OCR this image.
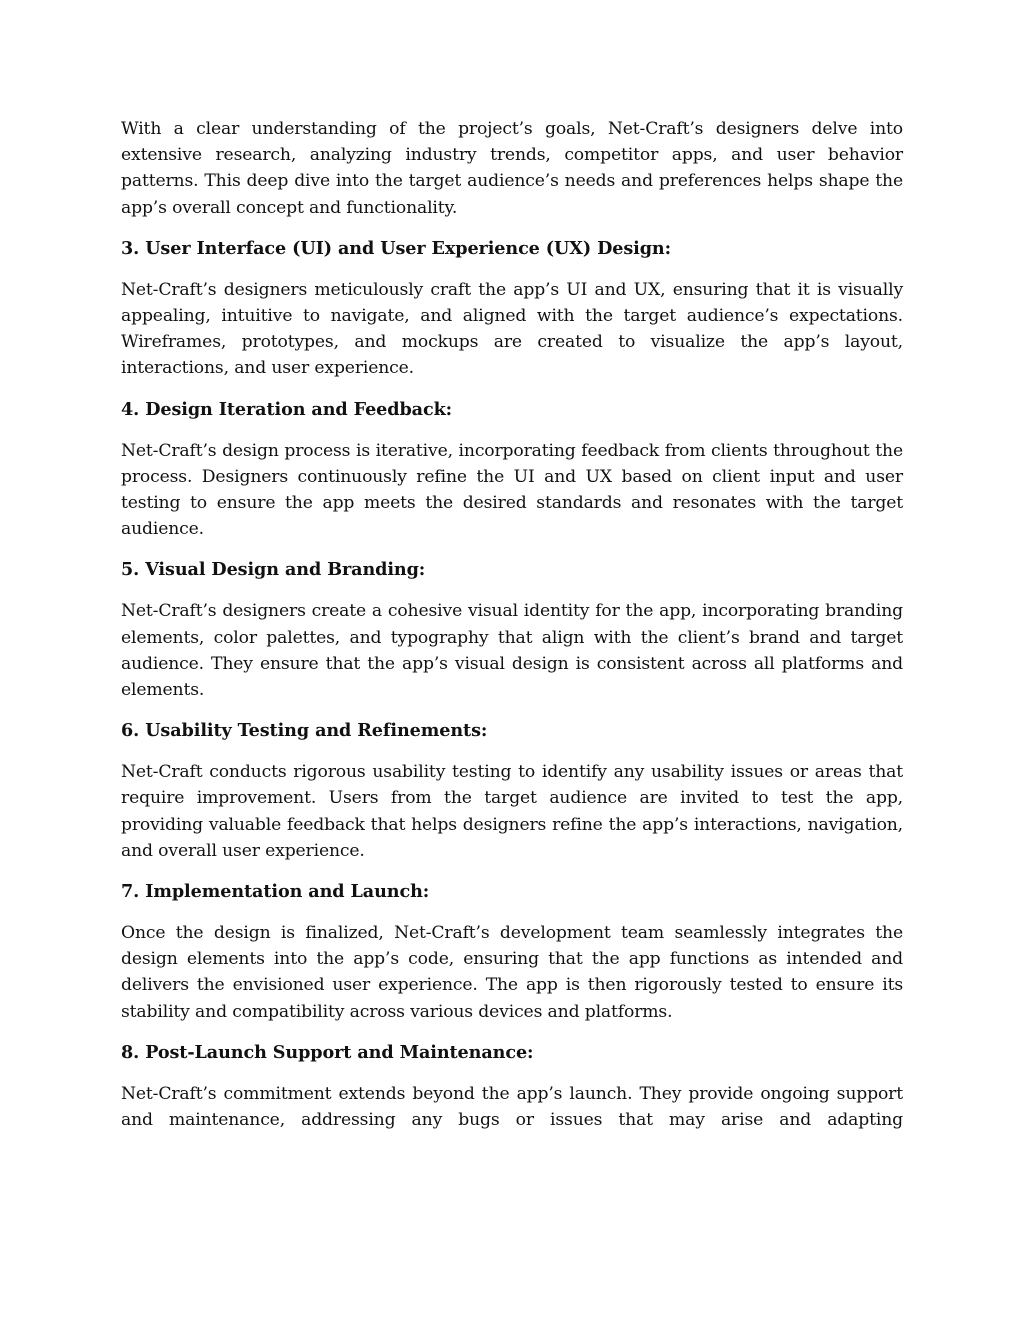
With a clear understanding of the project’s goals, Net-Craft’s designers delve into extensive research, analyzing industry trends, competitor apps, and user behavior patterns. This deep dive into the target audience’s needs and preferences helps shape the app’s overall concept and functionality.

3. User Interface (UI) and User Experience (UX) Design:

Net-Craft’s designers meticulously craft the app’s UI and UX, ensuring that it is visually appealing, intuitive to navigate, and aligned with the target audience’s expectations. Wireframes, prototypes, and mockups are created to visualize the app’s layout, interactions, and user experience.

4. Design Iteration and Feedback:

Net-Craft’s design process is iterative, incorporating feedback from clients throughout the process. Designers continuously refine the UI and UX based on client input and user testing to ensure the app meets the desired standards and resonates with the target audience.

5. Visual Design and Branding:

Net-Craft’s designers create a cohesive visual identity for the app, incorporating branding elements, color palettes, and typography that align with the client’s brand and target audience. They ensure that the app’s visual design is consistent across all platforms and elements.

6. Usability Testing and Refinements:

Net-Craft conducts rigorous usability testing to identify any usability issues or areas that require improvement. Users from the target audience are invited to test the app, providing valuable feedback that helps designers refine the app’s interactions, navigation, and overall user experience.

7. Implementation and Launch:

Once the design is finalized, Net-Craft’s development team seamlessly integrates the design elements into the app’s code, ensuring that the app functions as intended and delivers the envisioned user experience. The app is then rigorously tested to ensure its stability and compatibility across various devices and platforms.

8. Post-Launch Support and Maintenance:

Net-Craft’s commitment extends beyond the app’s launch. They provide ongoing support and maintenance, addressing any bugs or issues that may arise and adapting
